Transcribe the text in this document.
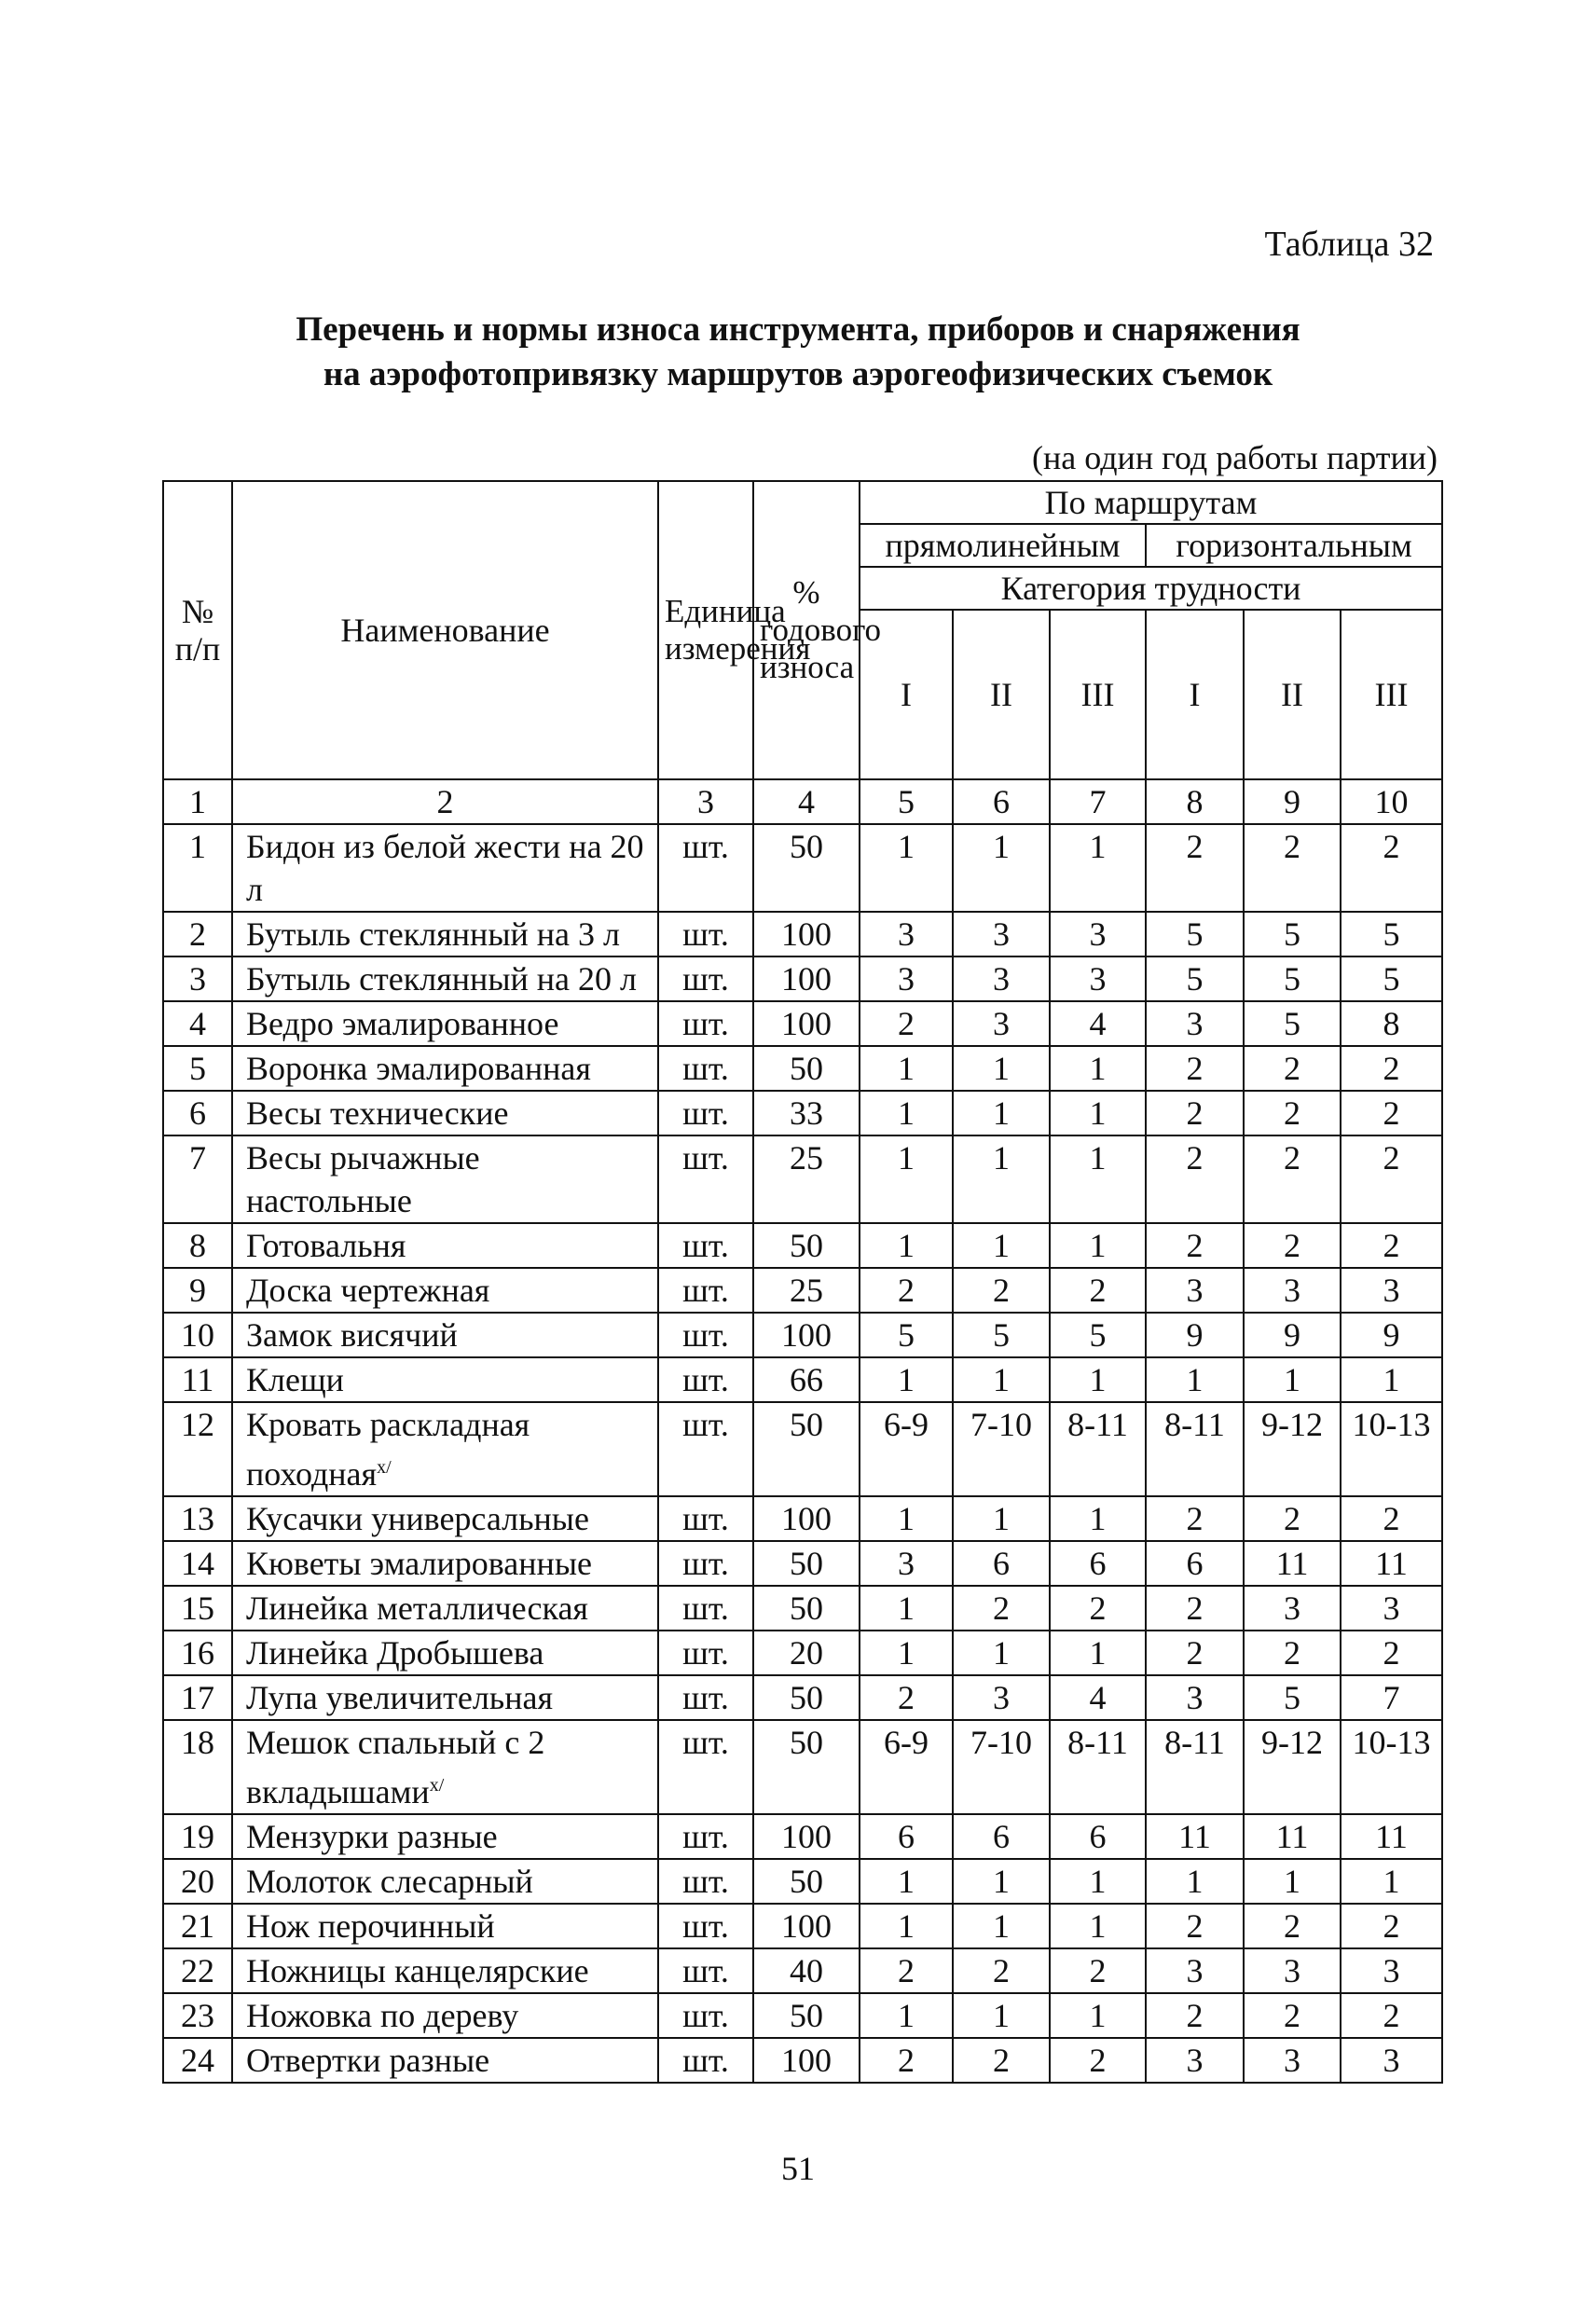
Таблица 32
Перечень и нормы износа инструмента, приборов и снаряжения
на аэрофотопривязку маршрутов аэрогеофизических съемок
(на один год работы партии)
№ п/п	Наименование	Единица измерения	% годового износа	По маршрутам					
				прямолинейным			горизонтальным		
				Категория трудности					
				I	II	III	I	II	III
1	2	3	4	5	6	7	8	9	10
1	Бидон из белой жести на 20 л	шт.	50	1	1	1	2	2	2
2	Бутыль стеклянный на 3 л	шт.	100	3	3	3	5	5	5
3	Бутыль стеклянный на 20 л	шт.	100	3	3	3	5	5	5
4	Ведро эмалированное	шт.	100	2	3	4	3	5	8
5	Воронка эмалированная	шт.	50	1	1	1	2	2	2
6	Весы технические	шт.	33	1	1	1	2	2	2
7	Весы рычажные настольные	шт.	25	1	1	1	2	2	2
8	Готовальня	шт.	50	1	1	1	2	2	2
9	Доска чертежная	шт.	25	2	2	2	3	3	3
10	Замок висячий	шт.	100	5	5	5	9	9	9
11	Клещи	шт.	66	1	1	1	1	1	1
12	Кровать раскладная походная$^{х/}$	шт.	50	6-9	7-10	8-11	8-11	9-12	10-13
13	Кусачки универсальные	шт.	100	1	1	1	2	2	2
14	Кюветы эмалированные	шт.	50	3	6	6	6	11	11
15	Линейка металлическая	шт.	50	1	2	2	2	3	3
16	Линейка Дробышева	шт.	20	1	1	1	2	2	2
17	Лупа увеличительная	шт.	50	2	3	4	3	5	7
18	Мешок спальный с 2 вкладышами$^{х/}$	шт.	50	6-9	7-10	8-11	8-11	9-12	10-13
19	Мензурки разные	шт.	100	6	6	6	11	11	11
20	Молоток слесарный	шт.	50	1	1	1	1	1	1
21	Нож перочинный	шт.	100	1	1	1	2	2	2
22	Ножницы канцелярские	шт.	40	2	2	2	3	3	3
23	Ножовка по дереву	шт.	50	1	1	1	2	2	2
24	Отвертки разные	шт.	100	2	2	2	3	3	3
51
